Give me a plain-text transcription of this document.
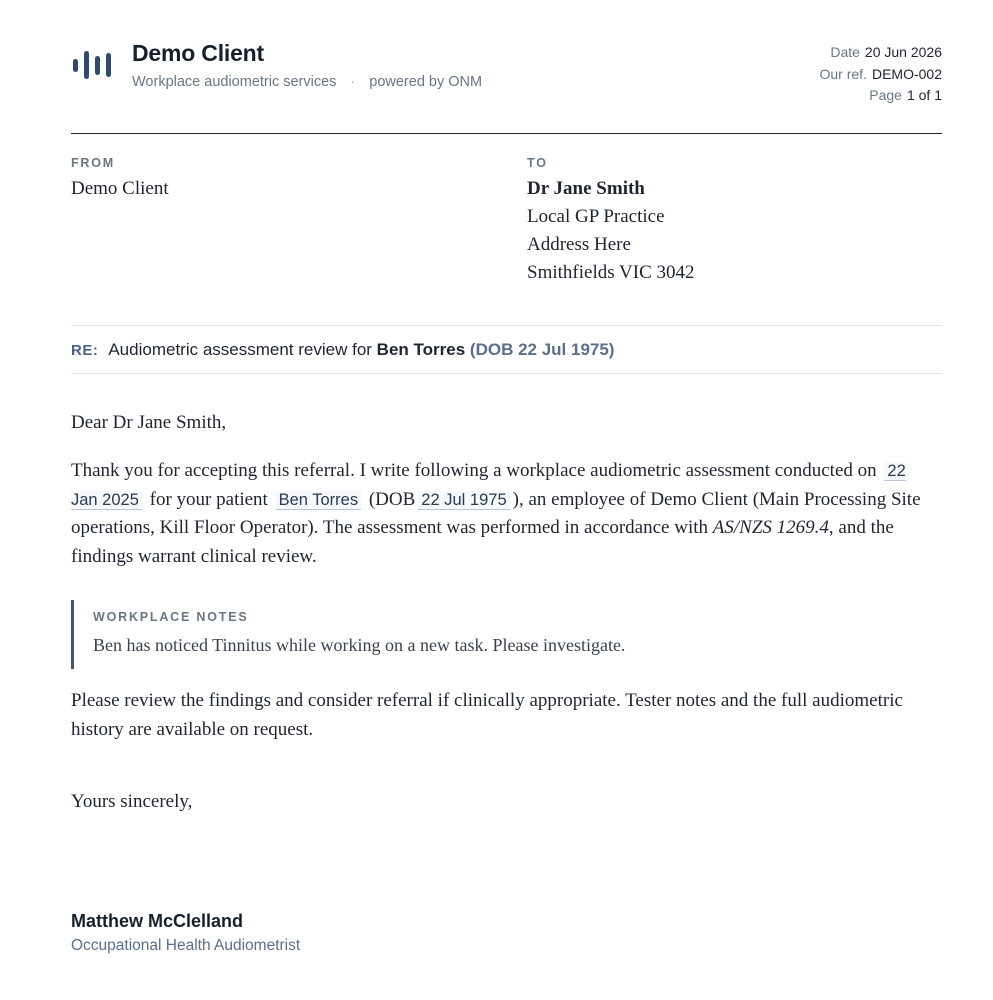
Demo Client
Workplace audiometric services · powered by ONM
Date 20 Jun 2026
Our ref. DEMO-002
Page 1 of 1
FROM
Demo Client
TO
Dr Jane Smith
Local GP Practice
Address Here
Smithfields VIC 3042
RE: Audiometric assessment review for Ben Torres (DOB 22 Jul 1975)
Dear Dr Jane Smith,
Thank you for accepting this referral. I write following a workplace audiometric assessment conducted on 22 Jan 2025 for your patient Ben Torres (DOB 22 Jul 1975 ), an employee of Demo Client (Main Processing Site operations, Kill Floor Operator). The assessment was performed in accordance with AS/NZS 1269.4, and the findings warrant clinical review.
WORKPLACE NOTES
Ben has noticed Tinnitus while working on a new task. Please investigate.
Please review the findings and consider referral if clinically appropriate. Tester notes and the full audiometric history are available on request.
Yours sincerely,
Matthew McClelland
Occupational Health Audiometrist
